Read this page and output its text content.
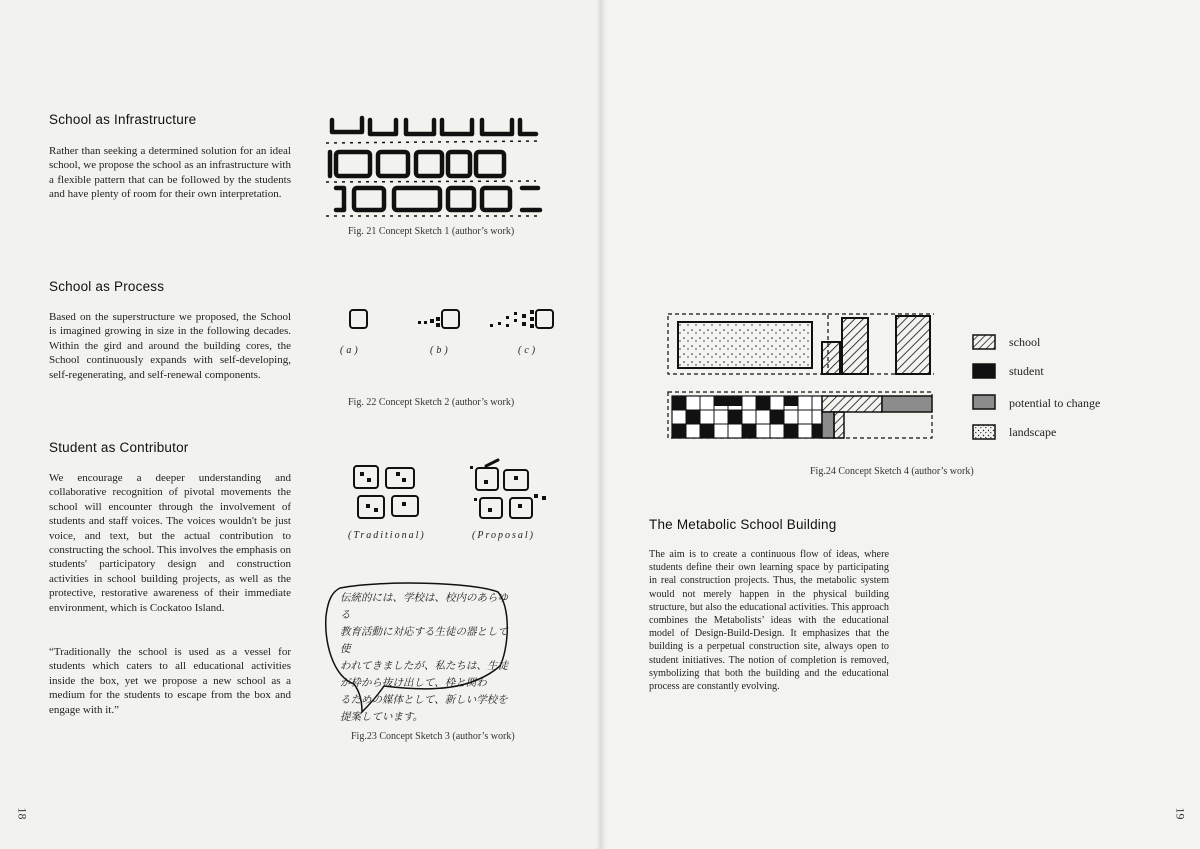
School as Infrastructure

Rather than seeking a determined solution for an ideal school, we propose the school as an infrastructure with a flexible pattern that can be followed by the students and have plenty of room for their own interpretation.

School as Process

Based on the superstructure we proposed, the School is imagined growing in size in the following decades. Within the gird and around the building cores, the School continuously expands with self-developing, self-regenerating, and self-renewal components.

Student as Contributor

We encourage a deeper understanding and collaborative recognition of pivotal movements the school will encounter through the involvement of students and staff voices. The voices wouldn't be just voice, and text, but the actual contribution to constructing the school. This involves the emphasis on students' participatory design and construction activities in school building projects, as well as the protective, restorative awareness of their immediate environment, which is Cockatoo Island.

“Traditionally the school is used as a vessel for students which caters to all educational activities inside the box, yet we propose a new school as a medium for the students to escape from the box and engage with it.”

Fig. 21 Concept Sketch 1 (author’s work)

(a)	(b)	(c)

Fig. 22 Concept Sketch 2 (author’s work)

(Traditional)	(Proposal)
伝統的には、学校は、校内のあらゆる
教育活動に対応する生徒の器として使
われてきましたが、私たちは、生徒
が枠から抜け出して、枠と関わ
るための媒体として、新しい学校を
提案しています。

Fig.23 Concept Sketch 3 (author’s work)

18
school
student
potential to change
landscape

Fig.24 Concept Sketch 4 (author’s work)

The Metabolic School Building

The aim is to create a continuous flow of ideas, where students define their own learning space by participating in real construction projects. Thus, the metabolic system would not merely happen in the physical building structure, but also the educational activities. This approach combines the Metabolists’ ideas with the educational model of Design-Build-Design. It emphasizes that the building is a perpetual construction site, always open to student initiatives. The notion of completion is removed, symbolizing that both the building and the educational process are constantly evolving.

19
